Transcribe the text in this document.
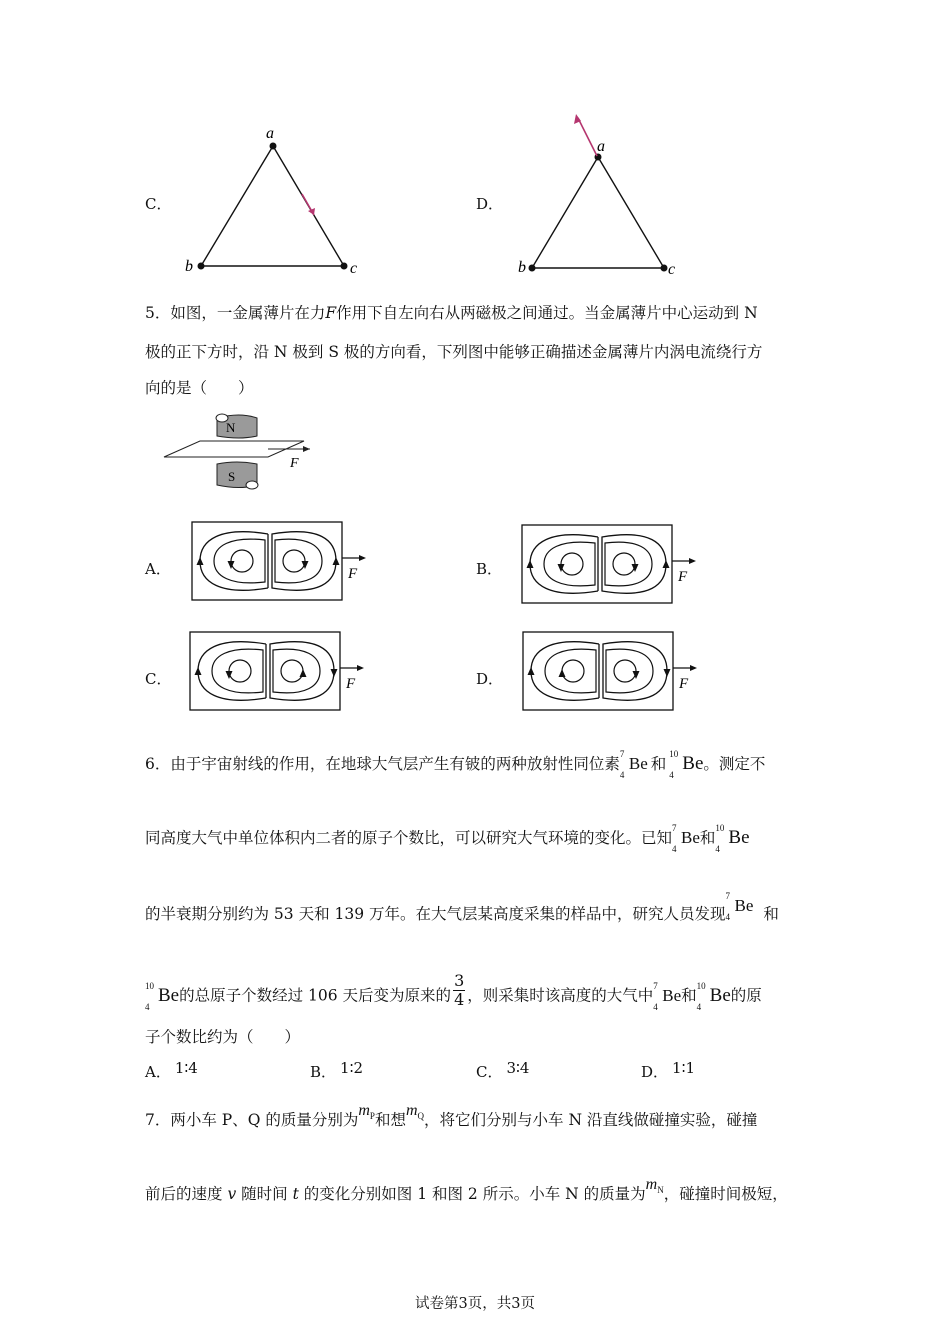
C．
a
b	c
D．
a
b	c
5．如图，一金属薄片在力F作用下自左向右从两磁极之间通过。当金属薄片中心运动到 N
极的正下方时，沿 N 极到 S 极的方向看，下列图中能够正确描述金属薄片内涡电流绕行方
向的是（　　）
N
F
S
A．	F	B．	F
C．	F	D．	F
6．由于宇宙射线的作用，在地球大气层产生有铍的两种放射性同位素
7
4
Be 和
10
4
Be。测定不
同高度大气中单位体积内二者的原子个数比，可以研究大气环境的变化。已知
7
4
Be和
10
4
Be
的半衰期分别约为 53 天和 139 万年。在大气层某高度采集的样品中，研究人员发现
7
4
Be 和
10
4
Be的总原子个数经过 106 天后变为原来的 $\frac{3}{4}$ ，则采集时该高度的大气中
7
4
Be和
10
4
Be的原
子个数比约为（　　）
A． 1∶4	B． 1∶2	C． 3∶4	D． 1∶1
7．两小车 P、Q 的质量分别为$m_P$和想$m_Q$，将它们分别与小车 N 沿直线做碰撞实验，碰撞
前后的速度 v 随时间 t 的变化分别如图 1 和图 2 所示。小车 N 的质量为$m_N$，碰撞时间极短，
试卷第3页，共3页
